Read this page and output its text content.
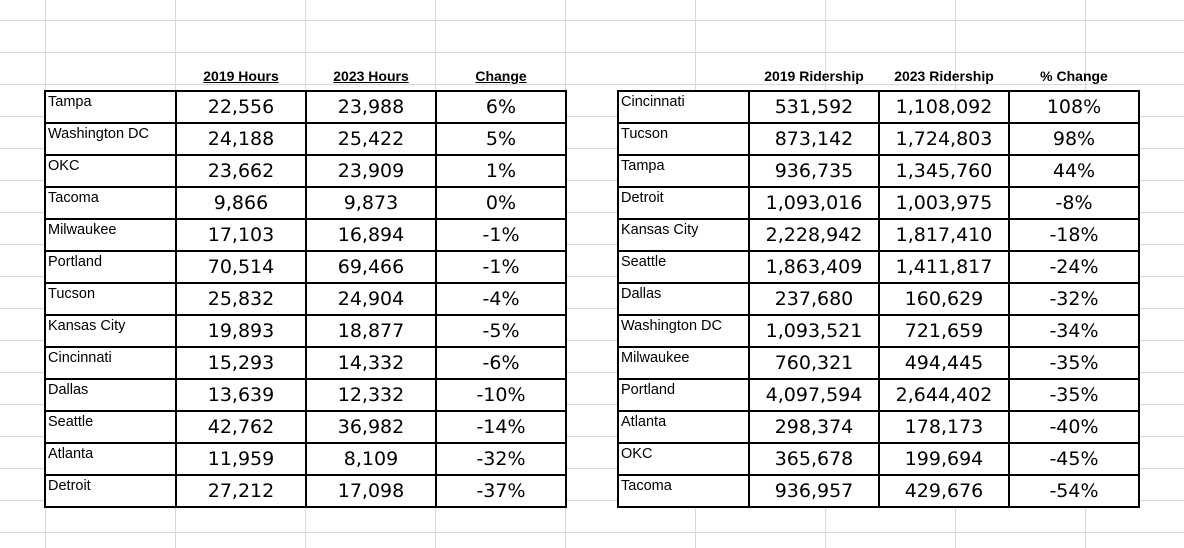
	2019 Hours	2023 Hours	Change
Tampa	22,556	23,988	6%
Washington DC	24,188	25,422	5%
OKC	23,662	23,909	1%
Tacoma	9,866	9,873	0%
Milwaukee	17,103	16,894	-1%
Portland	70,514	69,466	-1%
Tucson	25,832	24,904	-4%
Kansas City	19,893	18,877	-5%
Cincinnati	15,293	14,332	-6%
Dallas	13,639	12,332	-10%
Seattle	42,762	36,982	-14%
Atlanta	11,959	8,109	-32%
Detroit	27,212	17,098	-37%
	2019 Ridership	2023 Ridership	% Change
Cincinnati	531,592	1,108,092	108%
Tucson	873,142	1,724,803	98%
Tampa	936,735	1,345,760	44%
Detroit	1,093,016	1,003,975	-8%
Kansas City	2,228,942	1,817,410	-18%
Seattle	1,863,409	1,411,817	-24%
Dallas	237,680	160,629	-32%
Washington DC	1,093,521	721,659	-34%
Milwaukee	760,321	494,445	-35%
Portland	4,097,594	2,644,402	-35%
Atlanta	298,374	178,173	-40%
OKC	365,678	199,694	-45%
Tacoma	936,957	429,676	-54%
